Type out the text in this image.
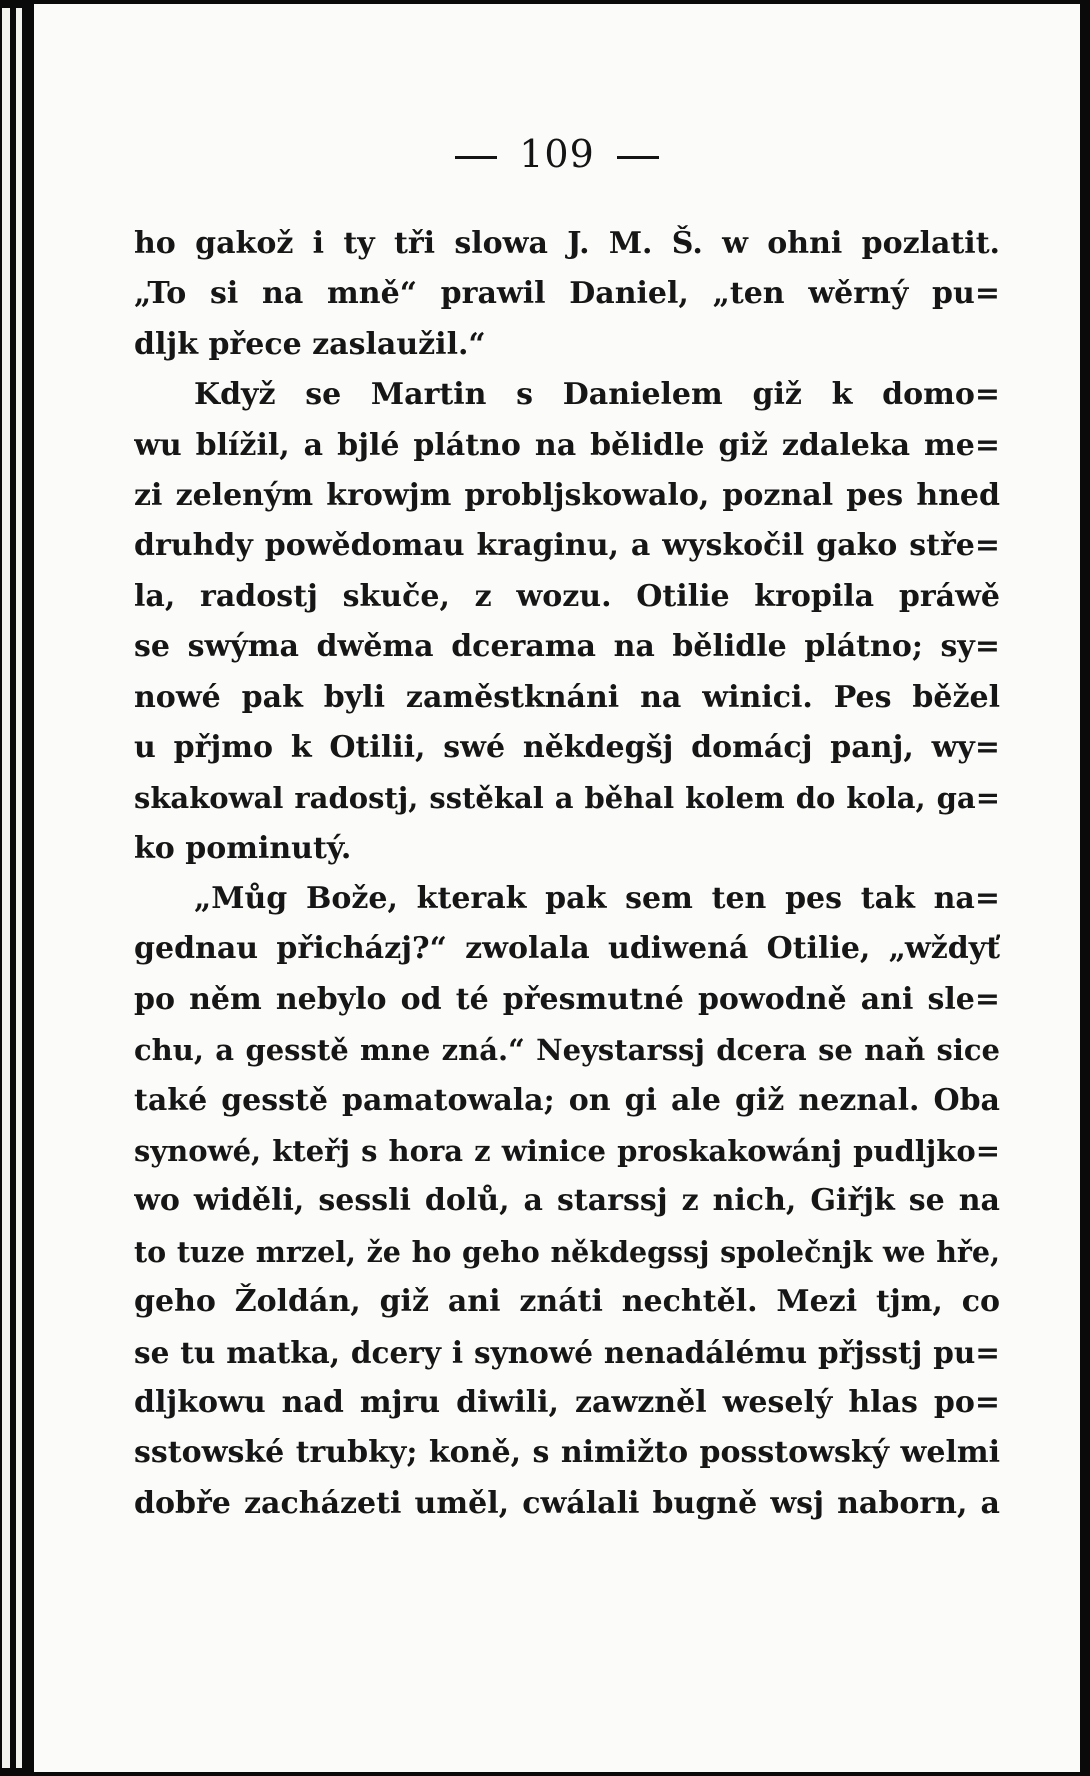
109
ho gakož i ty tři slowa J. M. Š. w ohni pozlatit.
„To si na mně“ prawil Daniel, „ten wěrný pu=
dljk přece zaslaužil.“
Když se Martin s Danielem giž k domo=
wu blížil, a bjlé plátno na bělidle giž zdaleka me=
zi zeleným krowjm probljskowalo, poznal pes hned
druhdy powědomau kraginu, a wyskočil gako stře=
la, radostj skuče, z wozu. Otilie kropila práwě
se swýma dwěma dcerama na bělidle plátno; sy=
nowé pak byli zaměstknáni na winici. Pes běžel
u přjmo k Otilii, swé někdegšj domácj panj, wy=
skakowal radostj, sstěkal a běhal kolem do kola, ga=
ko pominutý.
„Můg Bože, kterak pak sem ten pes tak na=
gednau přicházj?“ zwolala udiwená Otilie, „wždyť
po něm nebylo od té přesmutné powodně ani sle=
chu, a gesstě mne zná.“ Neystarssj dcera se naň sice
také gesstě pamatowala; on gi ale giž neznal. Oba
synowé, kteřj s hora z winice proskakowánj pudljko=
wo widěli, sessli dolů, a starssj z nich, Giřjk se na
to tuze mrzel, že ho geho někdegssj společnjk we hře,
geho Žoldán, giž ani znáti nechtěl. Mezi tjm, co
se tu matka, dcery i synowé nenadálému přjsstj pu=
dljkowu nad mjru diwili, zawzněl weselý hlas po=
sstowské trubky; koně, s nimižto posstowský welmi
dobře zacházeti uměl, cwálali bugně wsj naborn, a
